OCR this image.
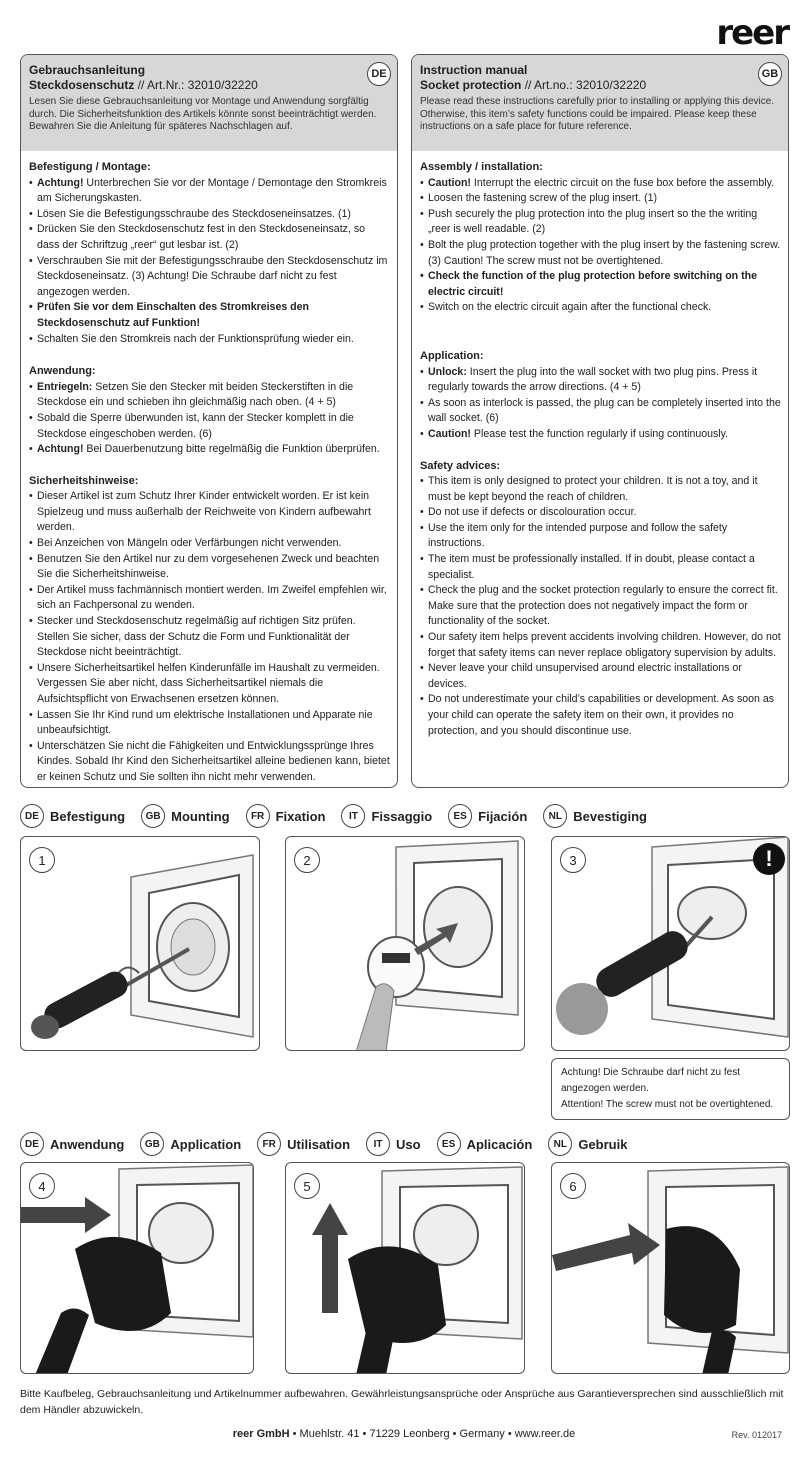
reer
DE
Gebrauchsanleitung
Steckdosenschutz // Art.Nr.: 32010/32220
Lesen Sie diese Gebrauchsanleitung vor Montage und Anwendung sorgfältig durch. Die Sicherheitsfunktion des Artikels könnte sonst beeinträchtigt werden. Bewahren Sie die Anleitung für späteres Nachschlagen auf.
Befestigung / Montage:
• Achtung! Unterbrechen Sie vor der Montage / Demontage den Stromkreis am Sicherungskasten.
• Lösen Sie die Befestigungsschraube des Steckdoseneinsatzes. (1)
• Drücken Sie den Steckdosenschutz fest in den Steckdoseneinsatz, so dass der Schriftzug „reer“ gut lesbar ist. (2)
• Verschrauben Sie mit der Befestigungsschraube den Steckdosenschutz im Steckdoseneinsatz. (3) Achtung! Die Schraube darf nicht zu fest angezogen werden.
• Prüfen Sie vor dem Einschalten des Stromkreises den Steckdosenschutz auf Funktion!
• Schalten Sie den Stromkreis nach der Funktionsprüfung wieder ein.
Anwendung:
• Entriegeln: Setzen Sie den Stecker mit beiden Steckerstiften in die Steckdose ein und schieben ihn gleichmäßig nach oben. (4 + 5)
• Sobald die Sperre überwunden ist, kann der Stecker komplett in die Steckdose eingeschoben werden. (6)
• Achtung! Bei Dauerbenutzung bitte regelmäßig die Funktion überprüfen.
Sicherheitshinweise:
• Dieser Artikel ist zum Schutz Ihrer Kinder entwickelt worden. Er ist kein Spielzeug und muss außerhalb der Reichweite von Kindern aufbewahrt werden.
• Bei Anzeichen von Mängeln oder Verfärbungen nicht verwenden.
• Benutzen Sie den Artikel nur zu dem vorgesehenen Zweck und beachten Sie die Sicherheitshinweise.
• Der Artikel muss fachmännisch montiert werden. Im Zweifel empfehlen wir, sich an Fachpersonal zu wenden.
• Stecker und Steckdosenschutz regelmäßig auf richtigen Sitz prüfen. Stellen Sie sicher, dass der Schutz die Form und Funktionalität der Steckdose nicht beeinträchtigt.
• Unsere Sicherheitsartikel helfen Kinderunfälle im Haushalt zu vermeiden. Vergessen Sie aber nicht, dass Sicherheitsartikel niemals die Aufsichtspflicht von Erwachsenen ersetzen können.
• Lassen Sie Ihr Kind rund um elektrische Installationen und Apparate nie unbeaufsichtigt.
• Unterschätzen Sie nicht die Fähigkeiten und Entwicklungssprünge Ihres Kindes. Sobald Ihr Kind den Sicherheitsartikel alleine bedienen kann, bietet er keinen Schutz und Sie sollten ihn nicht mehr verwenden.
GB
Instruction manual
Socket protection // Art.no.: 32010/32220
Please read these instructions carefully prior to installing or applying this device. Otherwise, this item’s safety functions could be impaired. Please keep these instructions on a safe place for future reference.
Assembly / installation:
• Caution! Interrupt the electric circuit on the fuse box before the assembly.
• Loosen the fastening screw of the plug insert. (1)
• Push securely the plug protection into the plug insert so the the writing „reer is well readable. (2)
• Bolt the plug protection together with the plug insert by the fastening screw. (3) Caution! The screw must not be overtightened.
• Check the function of the plug protection before switching on the electric circuit!
• Switch on the electric circuit again after the functional check.
Application:
• Unlock: Insert the plug into the wall socket with two plug pins. Press it regularly towards the arrow directions. (4 + 5)
• As soon as interlock is passed, the plug can be completely inserted into the wall socket. (6)
• Caution! Please test the function regularly if using continuously.
Safety advices:
• This item is only designed to protect your children. It is not a toy, and it must be kept beyond the reach of children.
• Do not use if defects or discolouration occur.
• Use the item only for the intended purpose and follow the safety instructions.
• The item must be professionally installed. If in doubt, please contact a specialist.
• Check the plug and the socket protection regularly to ensure the correct fit. Make sure that the protection does not negatively impact the form or functionality of the socket.
• Our safety item helps prevent accidents involving children. However, do not forget that safety items can never replace obligatory supervision by adults.
• Never leave your child unsupervised around electric installations or devices.
• Do not underestimate your child’s capabilities or development. As soon as your child can operate the safety item on their own, it provides no protection, and you should discontinue use.
DE Befestigung	GB Mounting	FR Fixation	IT	Fissaggio	ES Fijación	NL Bevestiging
1	2	3	!
Achtung! Die Schraube darf nicht zu fest angezogen werden.
Attention! The screw must not be overtightened.
DE Anwendung	GB Application	FR Utilisation	IT	Uso	ES Aplicación	NL Gebruik
4	5	6
Bitte Kaufbeleg, Gebrauchsanleitung und Artikelnummer aufbewahren. Gewährleistungsansprüche oder Ansprüche aus Garantieversprechen sind ausschließlich mit dem Händler abzuwickeln.
reer GmbH • Muehlstr. 41 • 71229 Leonberg • Germany • www.reer.de	Rev. 012017
